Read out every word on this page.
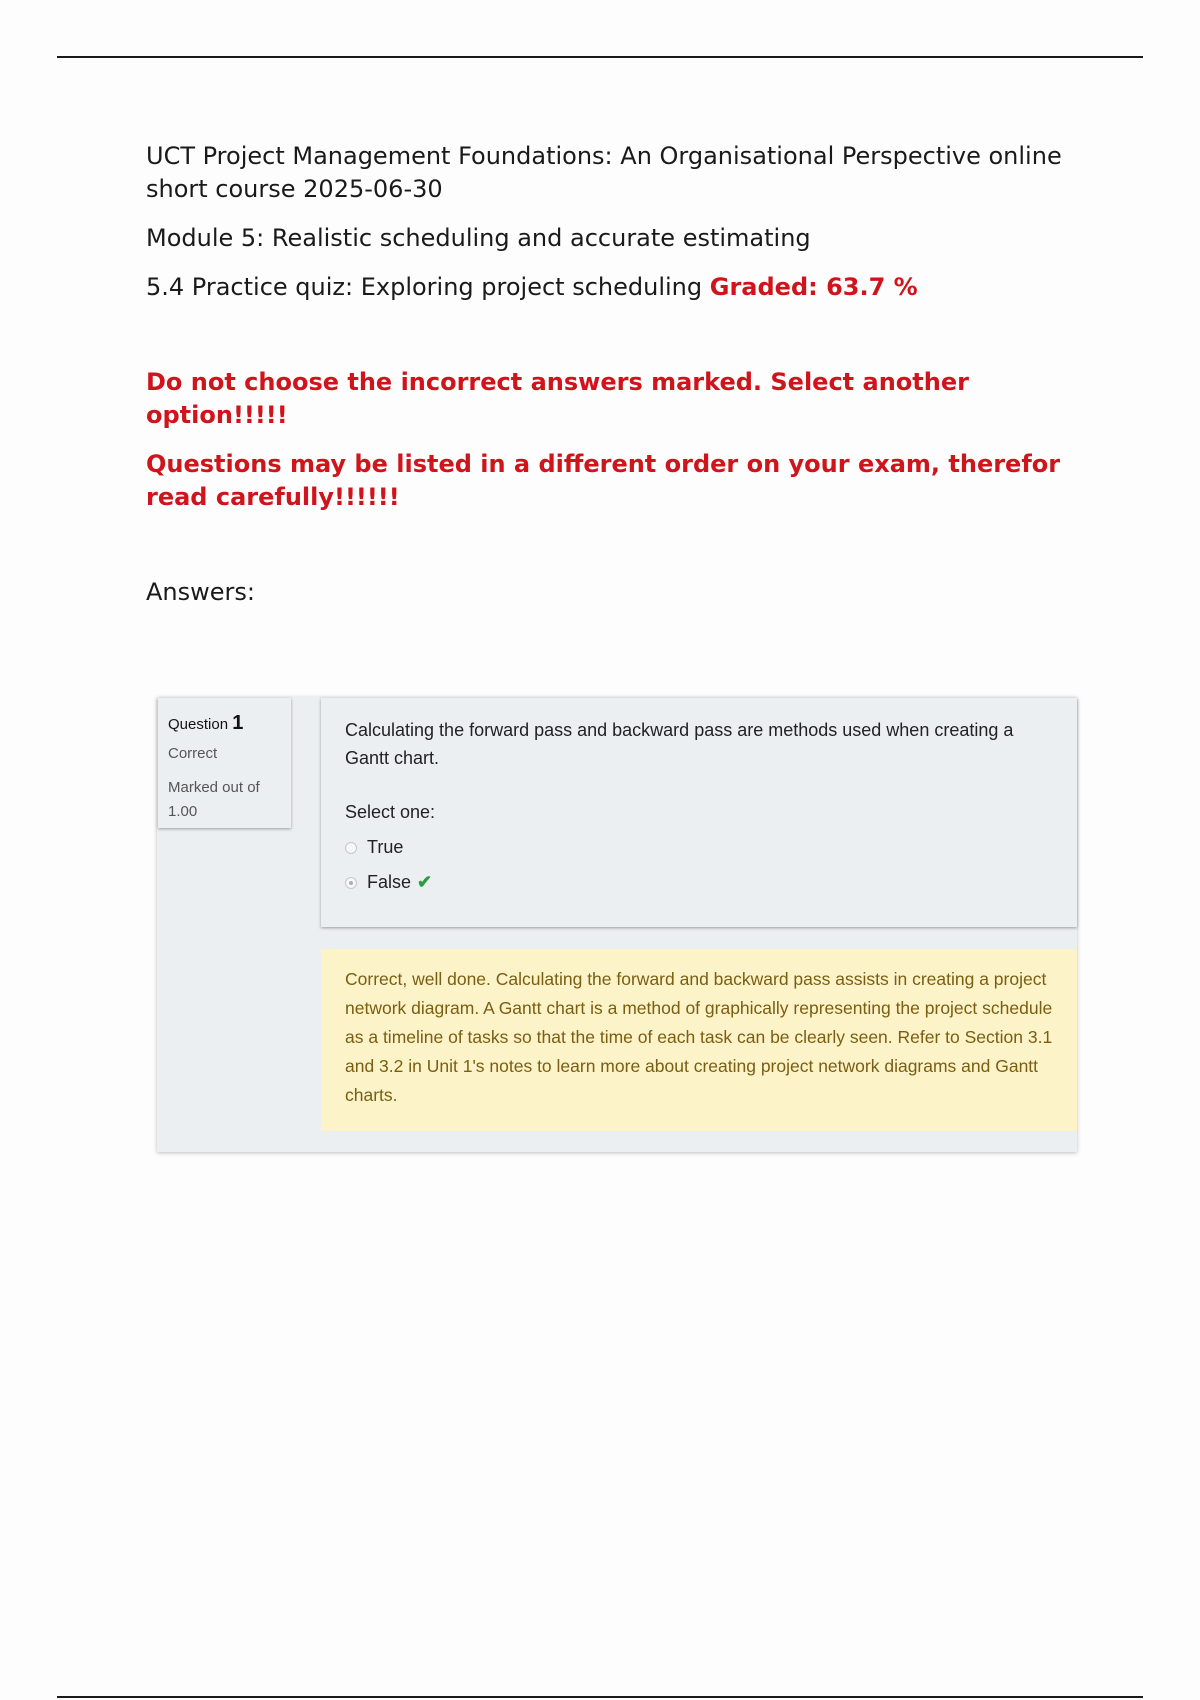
UCT Project Management Foundations: An Organisational Perspective online short course 2025-06-30

Module 5: Realistic scheduling and accurate estimating

5.4 Practice quiz: Exploring project scheduling Graded: 63.7 %

Do not choose the incorrect answers marked. Select another option!!!!!

Questions may be listed in a different order on your exam, therefor read carefully!!!!!!

Answers:

Question 1
Correct
Marked out of 1.00
Calculating the forward pass and backward pass are methods used when creating a Gantt chart.
Select one:
True
False ✔
Correct, well done. Calculating the forward and backward pass assists in creating a project network diagram. A Gantt chart is a method of graphically representing the project schedule as a timeline of tasks so that the time of each task can be clearly seen. Refer to Section 3.1 and 3.2 in Unit 1's notes to learn more about creating project network diagrams and Gantt charts.
